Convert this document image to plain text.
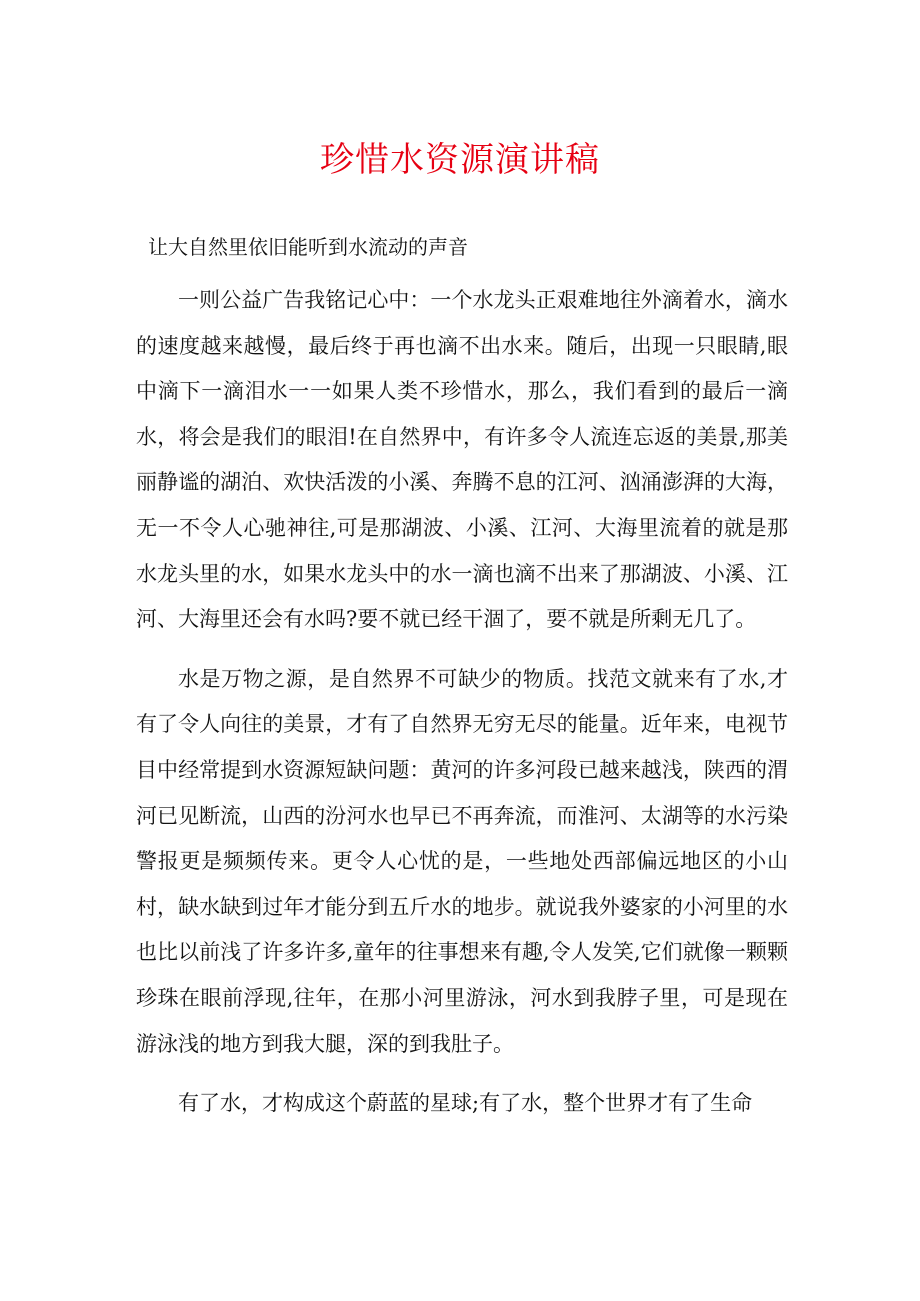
珍惜水资源演讲稿
让大自然里依旧能听到水流动的声音

一则公益广告我铭记心中：一个水龙头正艰难地往外滴着水，滴水的速度越来越慢，最后终于再也滴不出水来。随后，出现一只眼睛,眼中滴下一滴泪水一一如果人类不珍惜水，那么，我们看到的最后一滴水，将会是我们的眼泪!在自然界中，有许多令人流连忘返的美景,那美丽静谧的湖泊、欢快活泼的小溪、奔腾不息的江河、汹涌澎湃的大海，无一不令人心驰神往,可是那湖波、小溪、江河、大海里流着的就是那水龙头里的水，如果水龙头中的水一滴也滴不出来了那湖波、小溪、江河、大海里还会有水吗?要不就已经干涸了，要不就是所剩无几了。

水是万物之源，是自然界不可缺少的物质。找范文就来有了水,才有了令人向往的美景，才有了自然界无穷无尽的能量。近年来，电视节目中经常提到水资源短缺问题：黄河的许多河段已越来越浅，陕西的渭河已见断流，山西的汾河水也早已不再奔流，而淮河、太湖等的水污染警报更是频频传来。更令人心忧的是，一些地处西部偏远地区的小山村，缺水缺到过年才能分到五斤水的地步。就说我外婆家的小河里的水也比以前浅了许多许多,童年的往事想来有趣,令人发笑,它们就像一颗颗珍珠在眼前浮现,往年，在那小河里游泳，河水到我脖子里，可是现在游泳浅的地方到我大腿，深的到我肚子。

有了水，才构成这个蔚蓝的星球;有了水，整个世界才有了生命
